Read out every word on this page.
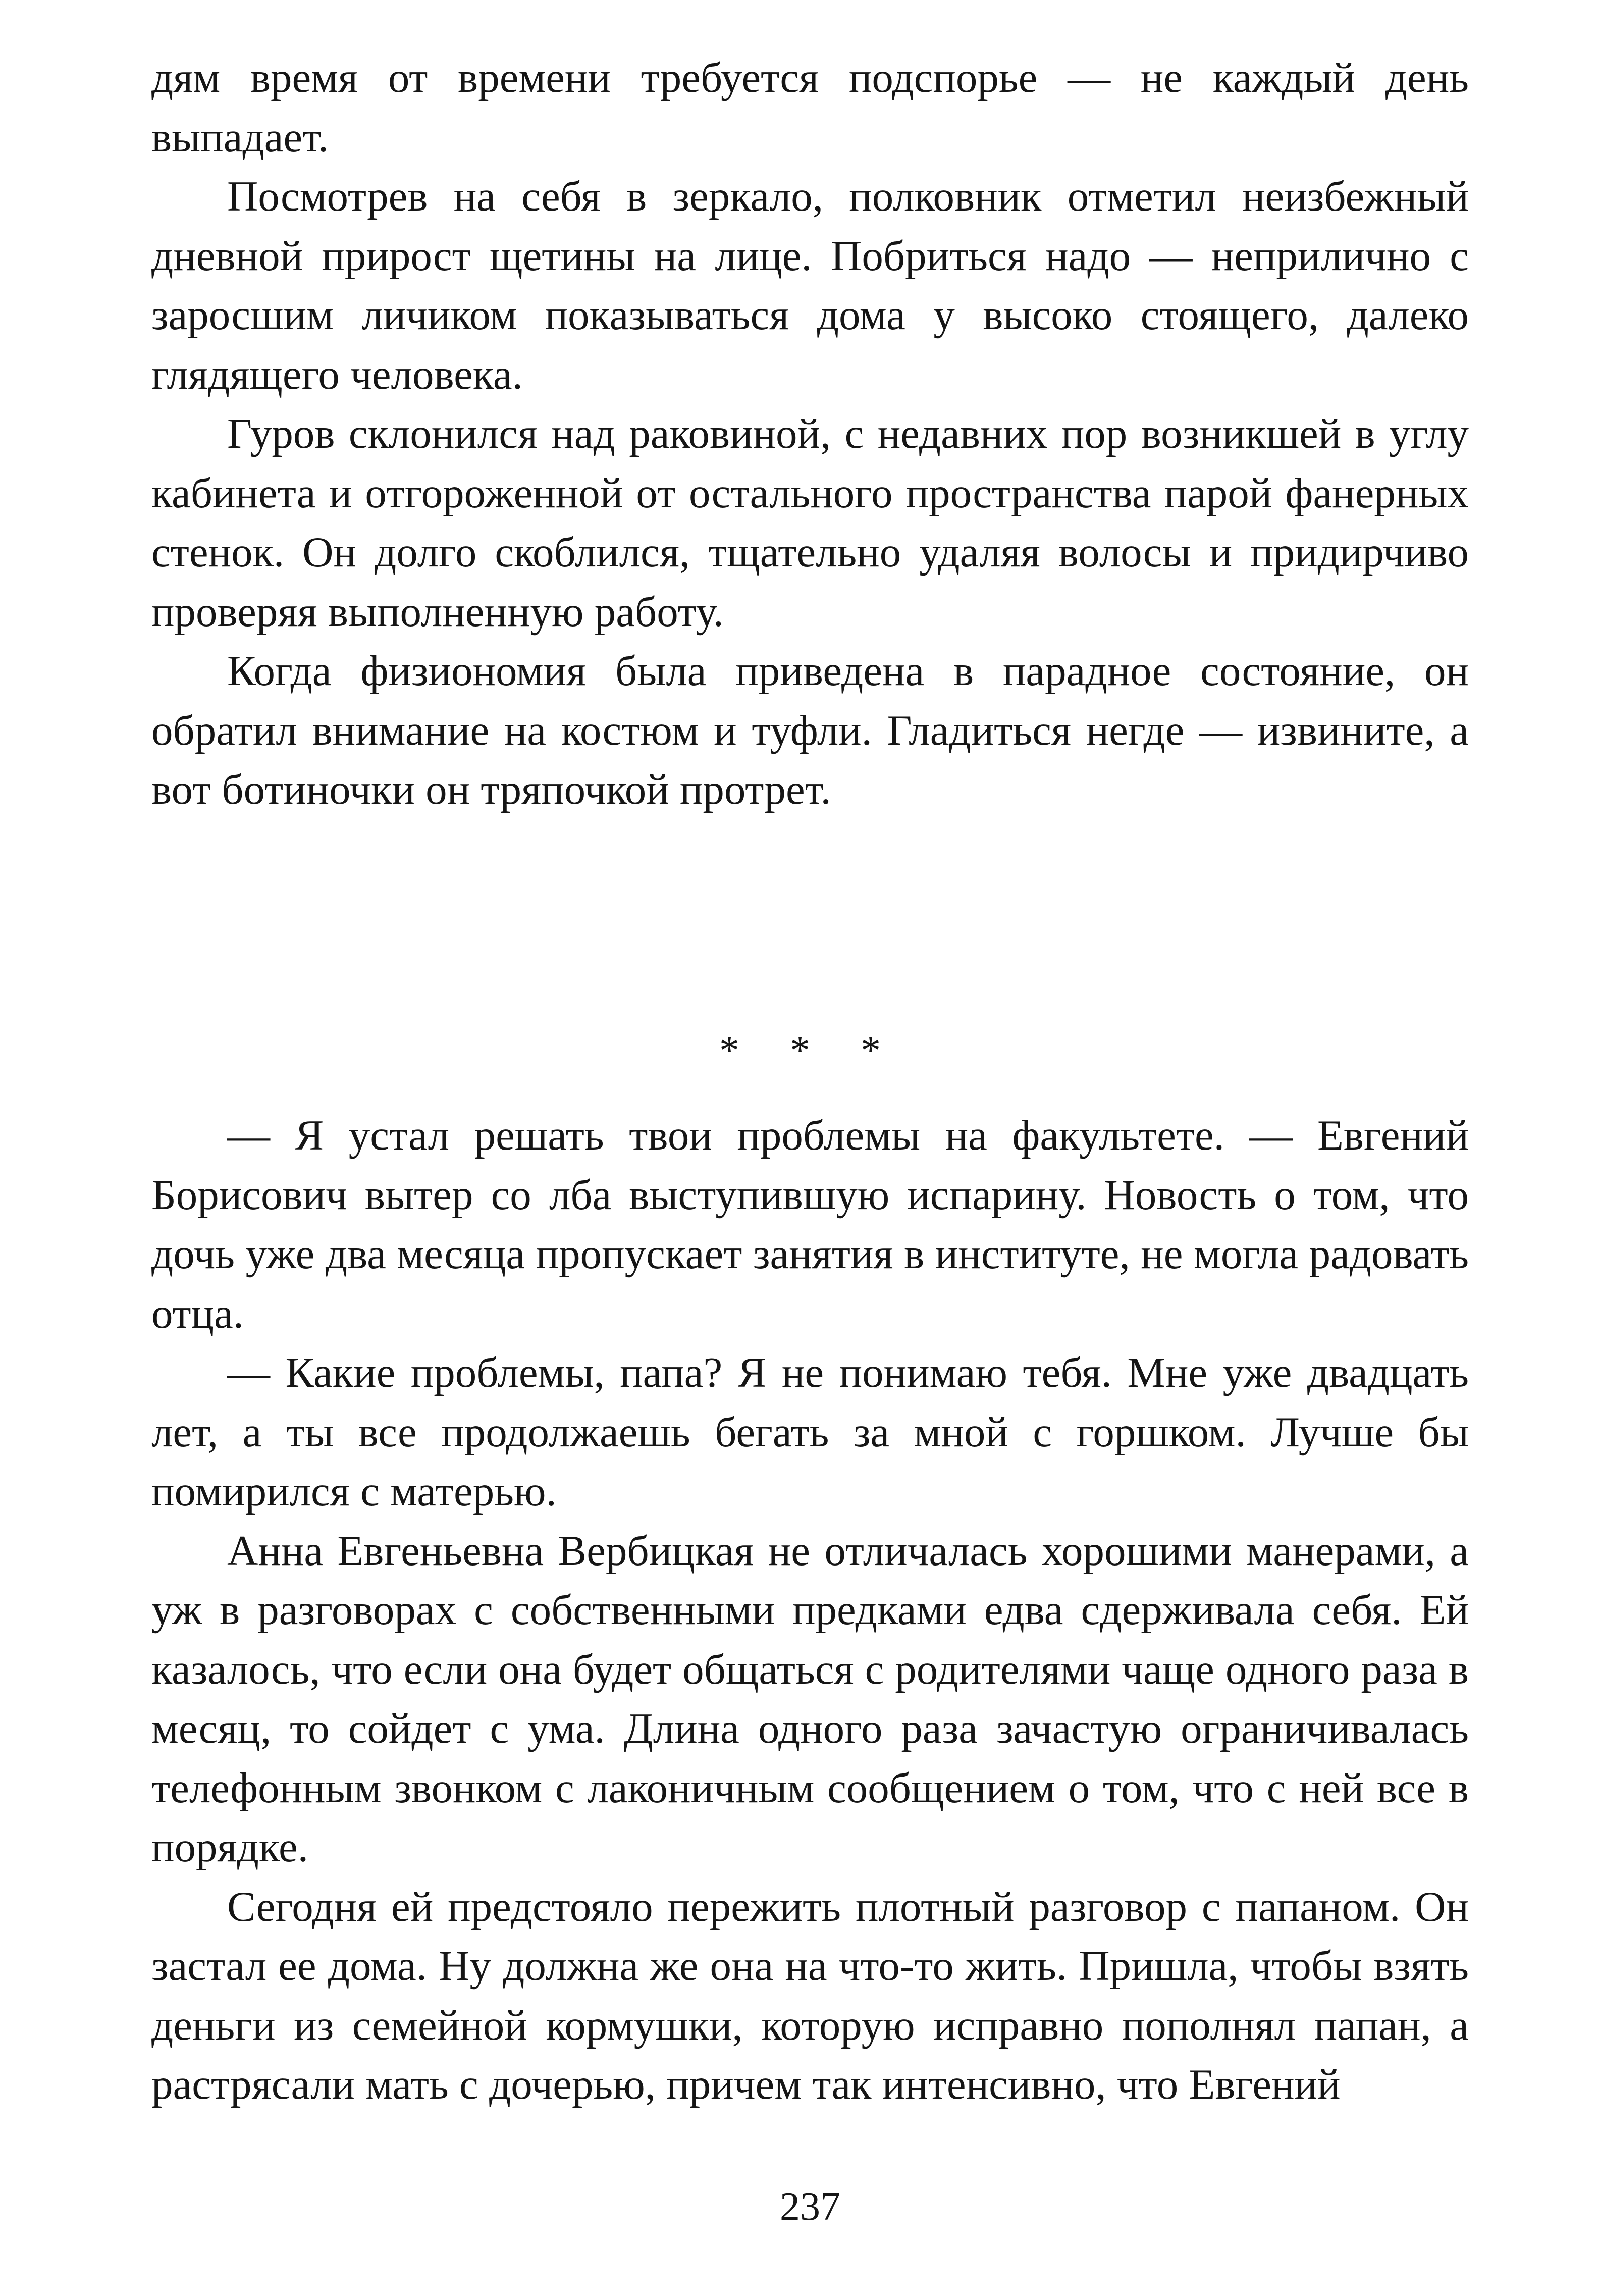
дям время от времени требуется подспорье — не каждый день выпадает.

Посмотрев на себя в зеркало, полковник отметил неизбежный дневной прирост щетины на лице. Побриться надо — неприлично с заросшим личиком показываться дома у высоко стоящего, далеко глядящего человека.

Гуров склонился над раковиной, с недавних пор возникшей в углу кабинета и отгороженной от остального пространства парой фанерных стенок. Он долго скоблился, тщательно удаляя волосы и придирчиво проверяя выполненную работу.

Когда физиономия была приведена в парадное состояние, он обратил внимание на костюм и туфли. Гладиться негде — извините, а вот ботиночки он тряпочкой протрет.

* * *

— Я устал решать твои проблемы на факультете. — Евгений Борисович вытер со лба выступившую испарину. Новость о том, что дочь уже два месяца пропускает занятия в институте, не могла радовать отца.

— Какие проблемы, папа? Я не понимаю тебя. Мне уже двадцать лет, а ты все продолжаешь бегать за мной с горшком. Лучше бы помирился с матерью.

Анна Евгеньевна Вербицкая не отличалась хорошими манерами, а уж в разговорах с собственными предками едва сдерживала себя. Ей казалось, что если она будет общаться с родителями чаще одного раза в месяц, то сойдет с ума. Длина одного раза зачастую ограничивалась телефонным звонком с лаконичным сообщением о том, что с ней все в порядке.

Сегодня ей предстояло пережить плотный разговор с папаном. Он застал ее дома. Ну должна же она на что-то жить. Пришла, чтобы взять деньги из семейной кормушки, которую исправно пополнял папан, а растрясали мать с дочерью, причем так интенсивно, что Евгений

237
